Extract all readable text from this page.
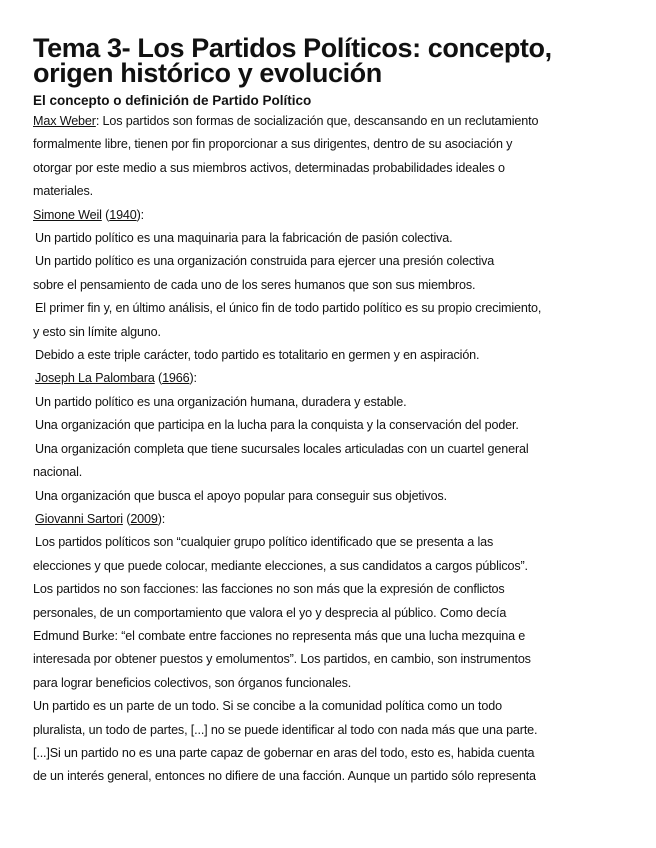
Tema 3- Los Partidos Políticos: concepto,
origen histórico y evolución
El concepto o definición de Partido Político
Max Weber: Los partidos son formas de socialización que, descansando en un reclutamiento
formalmente libre, tienen por fin proporcionar a sus dirigentes, dentro de su asociación y
otorgar por este medio a sus miembros activos, determinadas probabilidades ideales o
materiales.
Simone Weil (1940):
Un partido político es una maquinaria para la fabricación de pasión colectiva.
Un partido político es una organización construida para ejercer una presión colectiva
sobre el pensamiento de cada uno de los seres humanos que son sus miembros.
El primer fin y, en último análisis, el único fin de todo partido político es su propio crecimiento,
y esto sin límite alguno.
Debido a este triple carácter, todo partido es totalitario en germen y en aspiración.
Joseph La Palombara (1966):
Un partido político es una organización humana, duradera y estable.
Una organización que participa en la lucha para la conquista y la conservación del poder.
Una organización completa que tiene sucursales locales articuladas con un cuartel general
nacional.
Una organización que busca el apoyo popular para conseguir sus objetivos.
Giovanni Sartori (2009):
Los partidos políticos son “cualquier grupo político identificado que se presenta a las
elecciones y que puede colocar, mediante elecciones, a sus candidatos a cargos públicos”.
Los partidos no son facciones: las facciones no son más que la expresión de conflictos
personales, de un comportamiento que valora el yo y desprecia al público. Como decía
Edmund Burke: “el combate entre facciones no representa más que una lucha mezquina e
interesada por obtener puestos y emolumentos”. Los partidos, en cambio, son instrumentos
para lograr beneficios colectivos, son órganos funcionales.
Un partido es un parte de un todo. Si se concibe a la comunidad política como un todo
pluralista, un todo de partes, [...] no se puede identificar al todo con nada más que una parte.
[...]Si un partido no es una parte capaz de gobernar en aras del todo, esto es, habida cuenta
de un interés general, entonces no difiere de una facción. Aunque un partido sólo representa
